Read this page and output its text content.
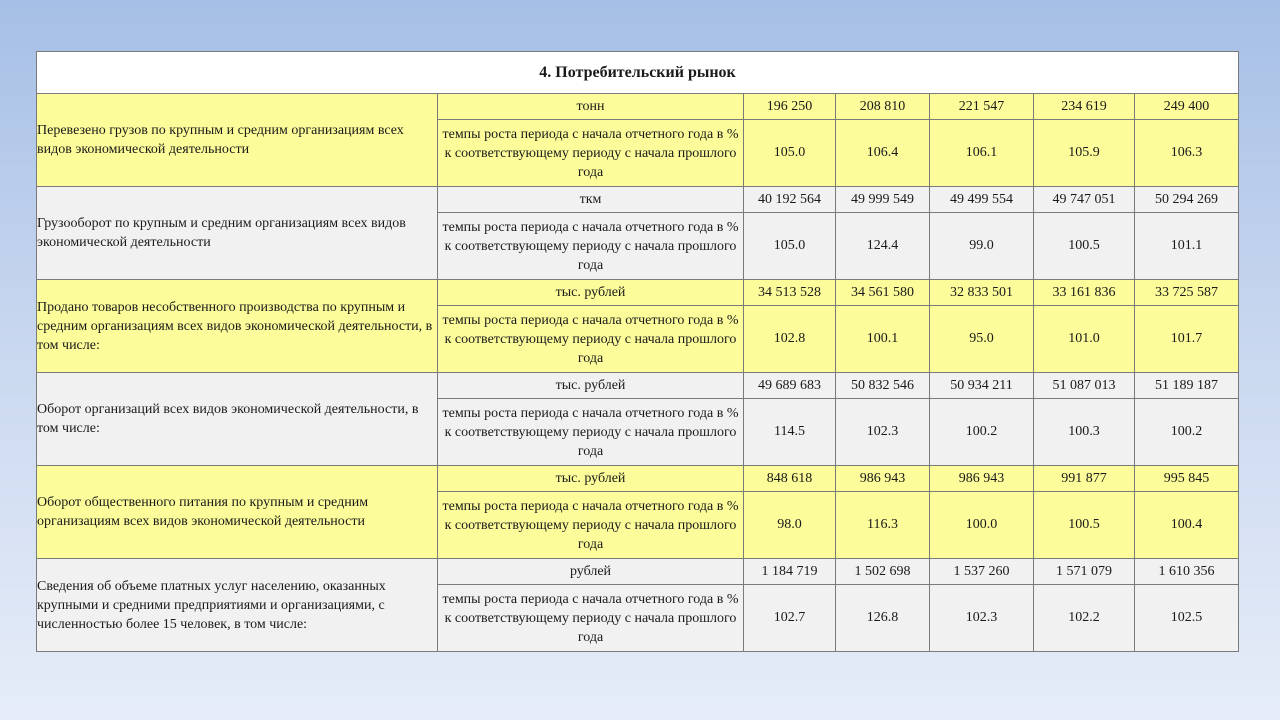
4. Потребительский рынок						
Перевезено грузов по крупным и средним организациям всех видов экономической деятельности	тонн	196 250	208 810	221 547	234 619	249 400
	темпы роста периода с начала отчетного года в % к соответствующему периоду с начала прошлого года	105.0	106.4	106.1	105.9	106.3
Грузооборот по крупным и средним организациям всех видов экономической деятельности	ткм	40 192 564	49 999 549	49 499 554	49 747 051	50 294 269
	темпы роста периода с начала отчетного года в % к соответствующему периоду с начала прошлого года	105.0	124.4	99.0	100.5	101.1
Продано товаров несобственного производства по крупным и средним организациям всех видов экономической деятельности, в том числе:	тыс. рублей	34 513 528	34 561 580	32 833 501	33 161 836	33 725 587
	темпы роста периода с начала отчетного года в % к соответствующему периоду с начала прошлого года	102.8	100.1	95.0	101.0	101.7
Оборот организаций всех видов экономической деятельности, в том числе:	тыс. рублей	49 689 683	50 832 546	50 934 211	51 087 013	51 189 187
	темпы роста периода с начала отчетного года в % к соответствующему периоду с начала прошлого года	114.5	102.3	100.2	100.3	100.2
Оборот общественного питания по крупным и средним организациям всех видов экономической деятельности	тыс. рублей	848 618	986 943	986 943	991 877	995 845
	темпы роста периода с начала отчетного года в % к соответствующему периоду с начала прошлого года	98.0	116.3	100.0	100.5	100.4
Сведения об объеме платных услуг населению, оказанных крупными и средними предприятиями и организациями, с численностью более 15 человек, в том числе:	рублей	1 184 719	1 502 698	1 537 260	1 571 079	1 610 356
	темпы роста периода с начала отчетного года в % к соответствующему периоду с начала прошлого года	102.7	126.8	102.3	102.2	102.5
